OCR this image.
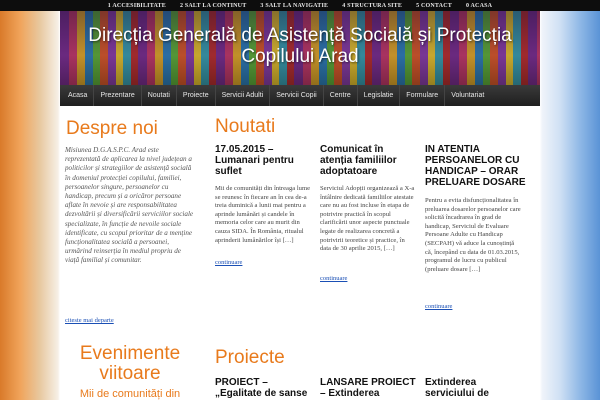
1 ACCESIBILITATE 2 SALT LA CONTINUT 3 SALT LA NAVIGATIE 4 STRUCTURA SITE 5 CONTACT 0 ACASA
Direcția Generală de Asistență Socială și Protecția
Copilului Arad
Acasa	Prezentare	Noutati	Proiecte	Servicii Adulti	Servicii Copii	Centre	Legislatie	Formulare	Voluntariat
Despre noi

Misiunea D.G.A.S.P.C. Arad este reprezentată de aplicarea la nivel județean a politicilor și strategiilor de asistență socială în domeniul protecției copilului, familiei, persoanelor singure, persoanelor cu handicap, precum și a oricăror persoane aflate în nevoie și are responsabilitatea dezvoltării și diversificării serviciilor sociale specializate, în funcție de nevoile sociale identificate, cu scopul prioritar de a menține funcționalitatea socială a persoanei, urmărind reinserția în mediul propriu de viață familial și comunitar.

citeste mai departe
Evenimente viitoare

Mii de comunități din

Noutati
17.05.2015 – Lumanari pentru suflet

Mii de comunități din întreaga lume se reunesc în fiecare an în cea de-a treia duminică a lunii mai pentru a aprinde lumânări și candele în memoria celor care au murit din cauza SIDA. În România, ritualul aprinderii lumânărilor își […]

continuare
Comunicat în atenția familiilor adoptatoare

Serviciul Adopții organizează a X-a întâlnire dedicată familiilor atestate care nu au fost incluse în etapa de potrivire practică în scopul clarificării unor aspecte punctuale legate de realizarea concretă a potrivirii teoretice și practice, în data de 30 aprilie 2015, […]

continuare
IN ATENTIA PERSOANELOR CU HANDICAP – ORAR PRELUARE DOSARE

Pentru a evita disfuncționalitatea în preluarea dosarelor persoanelor care solicită încadrarea în grad de handicap, Serviciul de Evaluare Persoane Adulte cu Handicap (SECPAH) vă aduce la cunoștință că, începând cu data de 01.03.2015, programul de lucru cu publicul (preluare dosare […]

continuare
Proiecte
PROIECT – „Egalitate de sanse
LANSARE PROIECT – Extinderea
Extinderea serviciului de
